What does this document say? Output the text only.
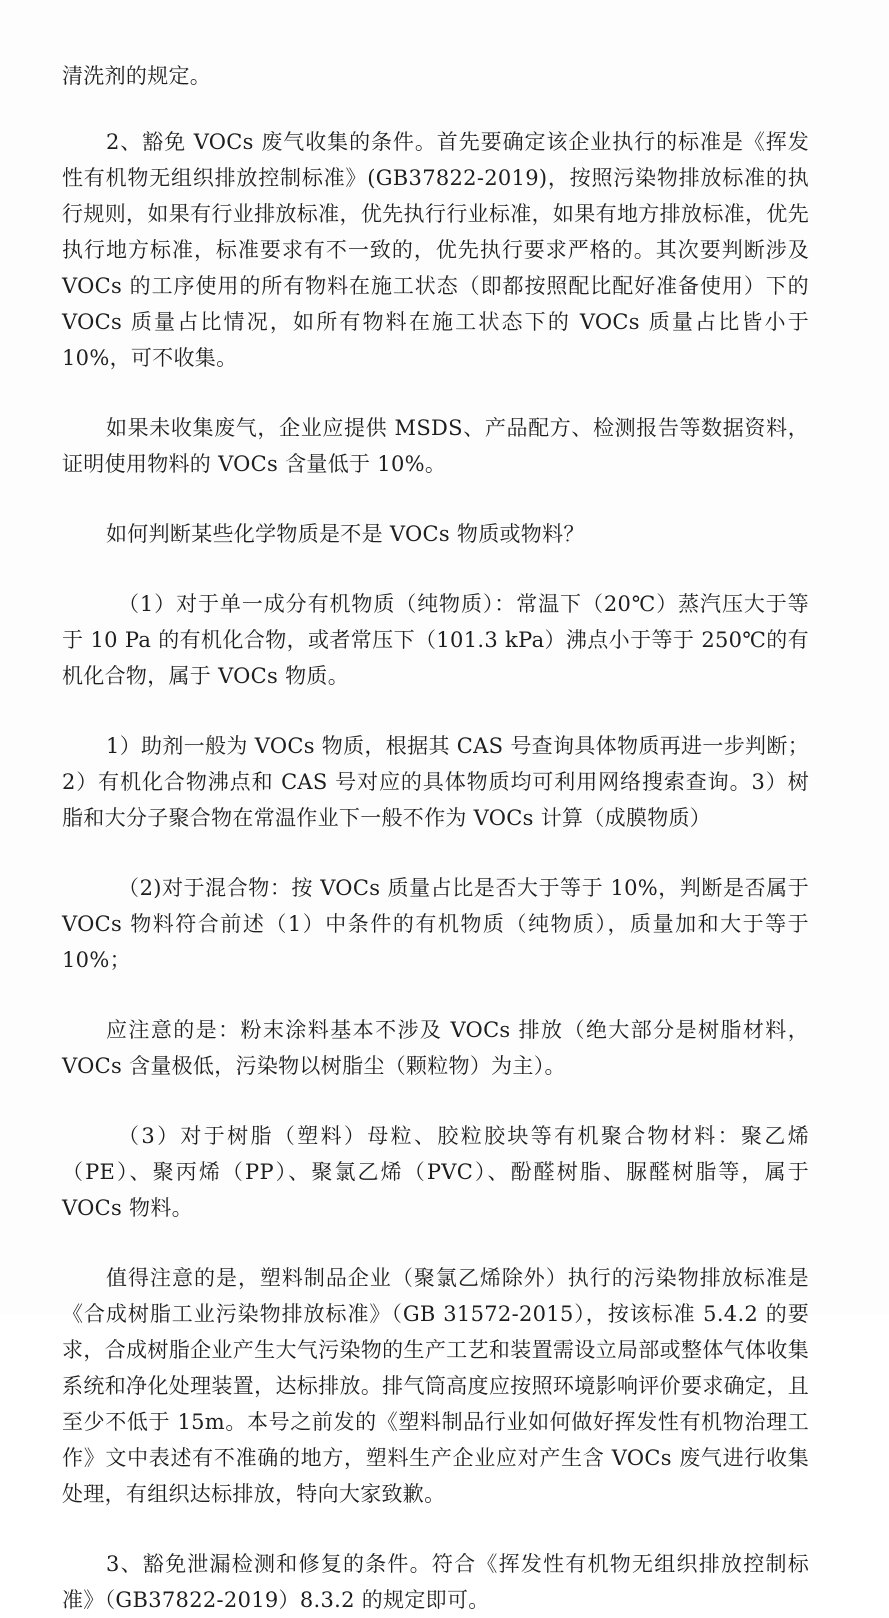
清洗剂的规定。

2、豁免 VOCs 废气收集的条件。首先要确定该企业执行的标准是《挥发性有机物无组织排放控制标准》(GB37822-2019)，按照污染物排放标准的执行规则，如果有行业排放标准，优先执行行业标准，如果有地方排放标准，优先执行地方标准，标准要求有不一致的，优先执行要求严格的。其次要判断涉及 VOCs 的工序使用的所有物料在施工状态（即都按照配比配好准备使用）下的 VOCs 质量占比情况，如所有物料在施工状态下的 VOCs 质量占比皆小于 10%，可不收集。

如果未收集废气，企业应提供 MSDS、产品配方、检测报告等数据资料，证明使用物料的 VOCs 含量低于 10%。

如何判断某些化学物质是不是 VOCs 物质或物料？

（1）对于单一成分有机物质（纯物质）：常温下（20℃）蒸汽压大于等于 10 Pa 的有机化合物，或者常压下（101.3 kPa）沸点小于等于 250℃的有机化合物，属于 VOCs 物质。

1）助剂一般为 VOCs 物质，根据其 CAS 号查询具体物质再进一步判断；2）有机化合物沸点和 CAS 号对应的具体物质均可利用网络搜索查询。3）树脂和大分子聚合物在常温作业下一般不作为 VOCs 计算（成膜物质）

（2)对于混合物：按 VOCs 质量占比是否大于等于 10%，判断是否属于 VOCs 物料符合前述（1）中条件的有机物质（纯物质），质量加和大于等于 10%；

应注意的是：粉末涂料基本不涉及 VOCs 排放（绝大部分是树脂材料，VOCs 含量极低，污染物以树脂尘（颗粒物）为主）。

（3）对于树脂（塑料）母粒、胶粒胶块等有机聚合物材料：聚乙烯（PE）、聚丙烯（PP）、聚氯乙烯（PVC）、酚醛树脂、脲醛树脂等，属于 VOCs 物料。

值得注意的是，塑料制品企业（聚氯乙烯除外）执行的污染物排放标准是《合成树脂工业污染物排放标准》（GB 31572-2015），按该标准 5.4.2 的要求，合成树脂企业产生大气污染物的生产工艺和装置需设立局部或整体气体收集系统和净化处理装置，达标排放。排气筒高度应按照环境影响评价要求确定，且至少不低于 15m。本号之前发的《塑料制品行业如何做好挥发性有机物治理工作》文中表述有不准确的地方，塑料生产企业应对产生含 VOCs 废气进行收集处理，有组织达标排放，特向大家致歉。

3、豁免泄漏检测和修复的条件。符合《挥发性有机物无组织排放控制标准》（GB37822-2019）8.3.2 的规定即可。
